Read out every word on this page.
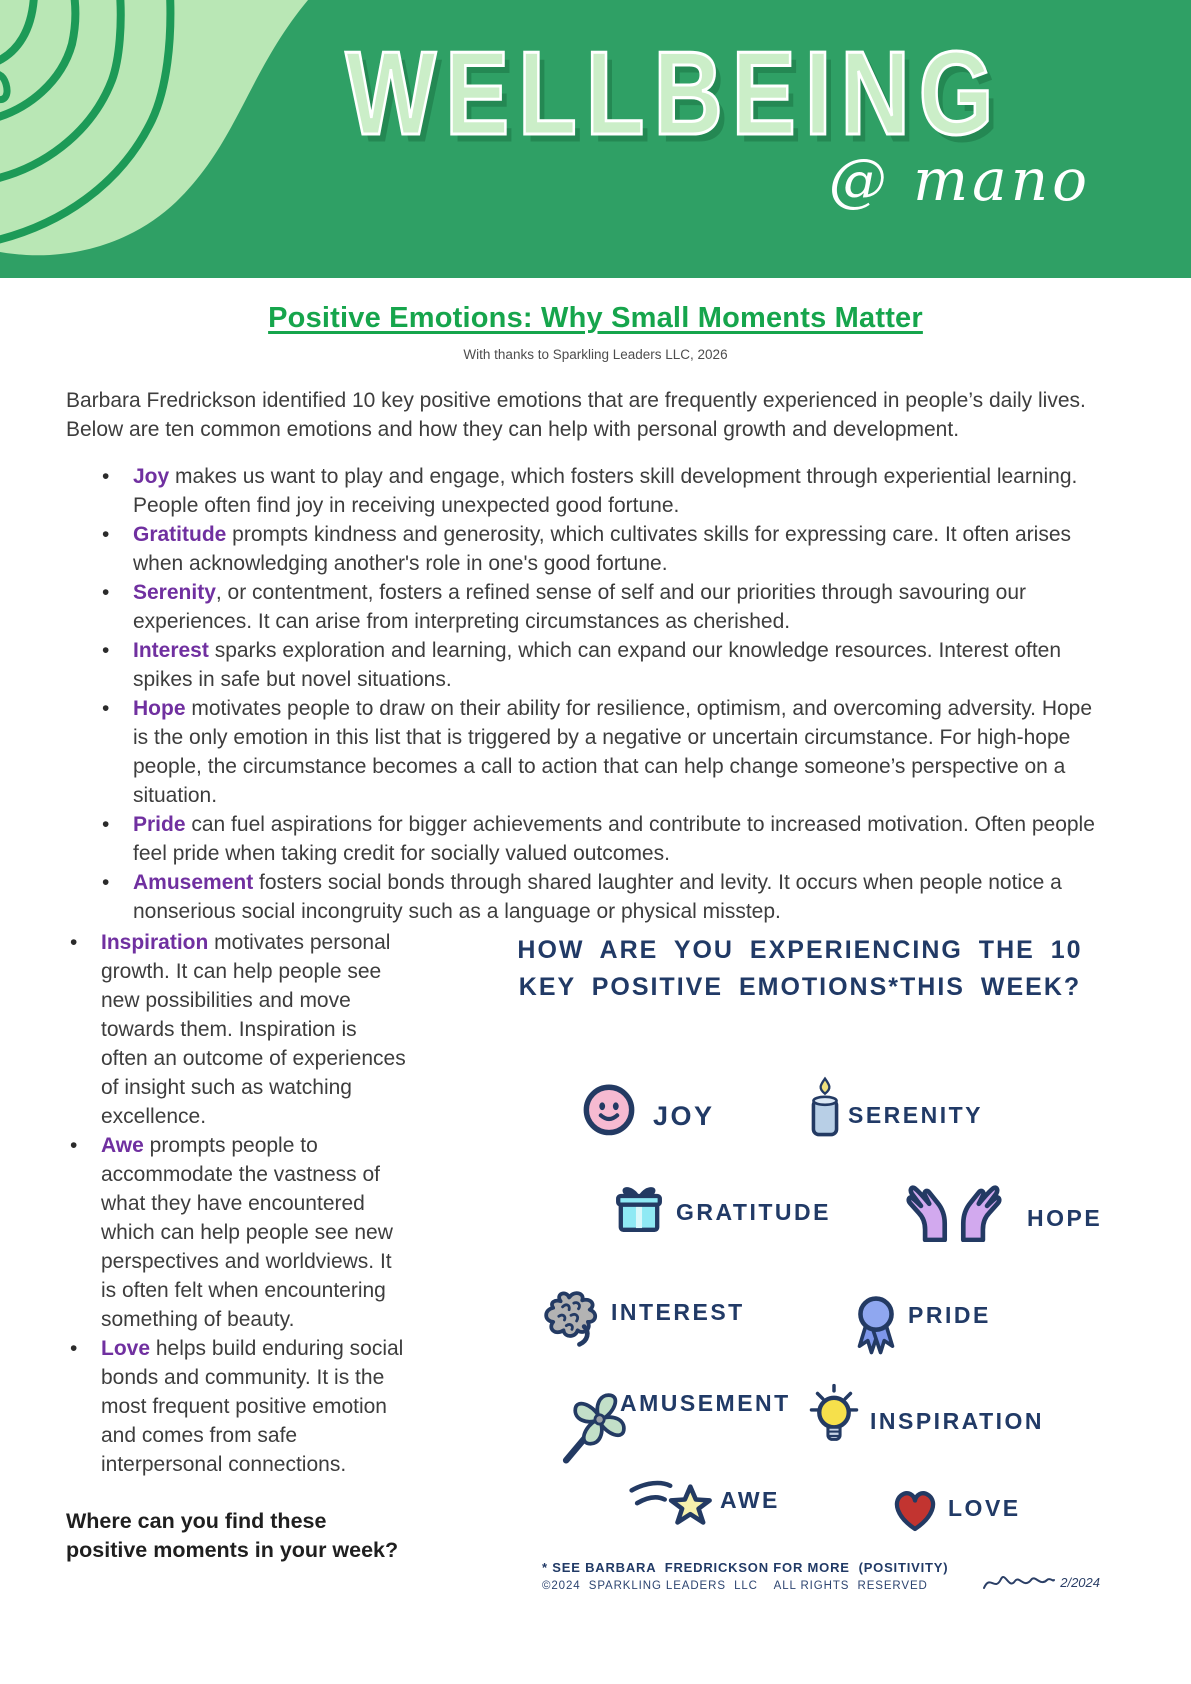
WELLBEING
@ mano
Positive Emotions: Why Small Moments Matter
With thanks to Sparkling Leaders LLC, 2026

Barbara Fredrickson identified 10 key positive emotions that are frequently experienced in people’s daily lives. Below are ten common emotions and how they can help with personal growth and development.

• Joy makes us want to play and engage, which fosters skill development through experiential learning. People often find joy in receiving unexpected good fortune.
• Gratitude prompts kindness and generosity, which cultivates skills for expressing care. It often arises when acknowledging another's role in one's good fortune.
• Serenity, or contentment, fosters a refined sense of self and our priorities through savouring our experiences. It can arise from interpreting circumstances as cherished.
• Interest sparks exploration and learning, which can expand our knowledge resources. Interest often spikes in safe but novel situations.
• Hope motivates people to draw on their ability for resilience, optimism, and overcoming adversity. Hope is the only emotion in this list that is triggered by a negative or uncertain circumstance. For high-hope people, the circumstance becomes a call to action that can help change someone’s perspective on a situation.
• Pride can fuel aspirations for bigger achievements and contribute to increased motivation. Often people feel pride when taking credit for socially valued outcomes.
• Amusement fosters social bonds through shared laughter and levity. It occurs when people notice a nonserious social incongruity such as a language or physical misstep.
• Inspiration motivates personal growth. It can help people see new possibilities and move towards them. Inspiration is often an outcome of experiences of insight such as watching excellence.
• Awe prompts people to accommodate the vastness of what they have encountered which can help people see new perspectives and worldviews. It is often felt when encountering something of beauty.
• Love helps build enduring social bonds and community. It is the most frequent positive emotion and comes from safe interpersonal connections.

Where can you find these positive moments in your week?

HOW ARE YOU EXPERIENCING THE 10
KEY POSITIVE EMOTIONS*THIS WEEK?
JOY	SERENITY
GRATITUDE	HOPE
INTEREST	PRIDE
AMUSEMENT
INSPIRATION
AWE	LOVE
* SEE BARBARA  FREDRICKSON FOR MORE  (POSITIVITY)
©2024  SPARKLING LEADERS  LLC    ALL RIGHTS  RESERVED	2/2024
